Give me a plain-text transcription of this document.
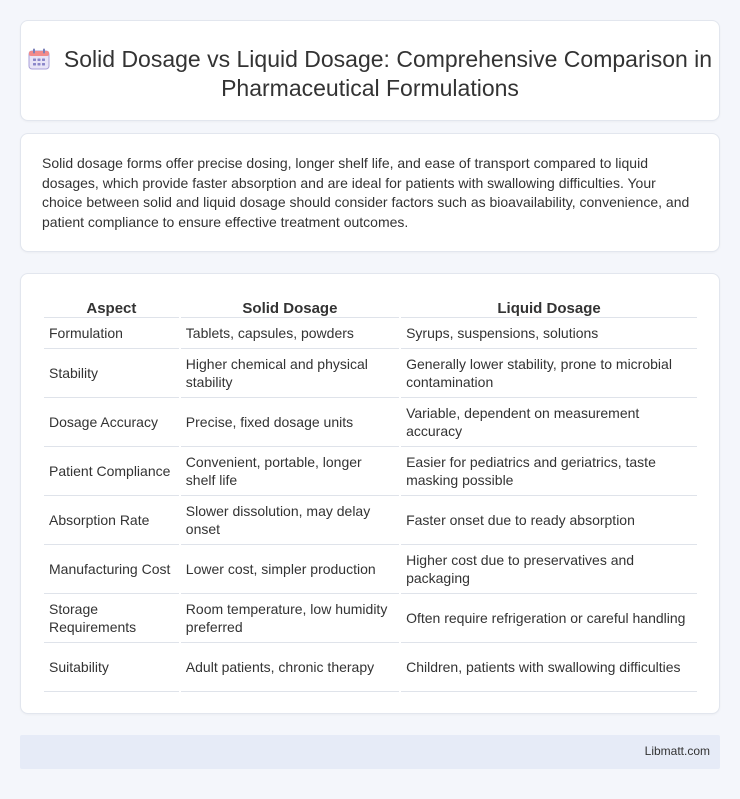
Solid Dosage vs Liquid Dosage: Comprehensive Comparison in Pharmaceutical Formulations

Solid dosage forms offer precise dosing, longer shelf life, and ease of transport compared to liquid dosages, which provide faster absorption and are ideal for patients with swallowing difficulties. Your choice between solid and liquid dosage should consider factors such as bioavailability, convenience, and patient compliance to ensure effective treatment outcomes.

Aspect	Solid Dosage	Liquid Dosage
Formulation	Tablets, capsules, powders	Syrups, suspensions, solutions
Stability	Higher chemical and physical stability	Generally lower stability, prone to microbial contamination
Dosage Accuracy	Precise, fixed dosage units	Variable, dependent on measurement accuracy
Patient Compliance	Convenient, portable, longer shelf life	Easier for pediatrics and geriatrics, taste masking possible
Absorption Rate	Slower dissolution, may delay onset	Faster onset due to ready absorption
Manufacturing Cost	Lower cost, simpler production	Higher cost due to preservatives and packaging
Storage Requirements	Room temperature, low humidity preferred	Often require refrigeration or careful handling
Suitability	Adult patients, chronic therapy	Children, patients with swallowing difficulties
Libmatt.com
